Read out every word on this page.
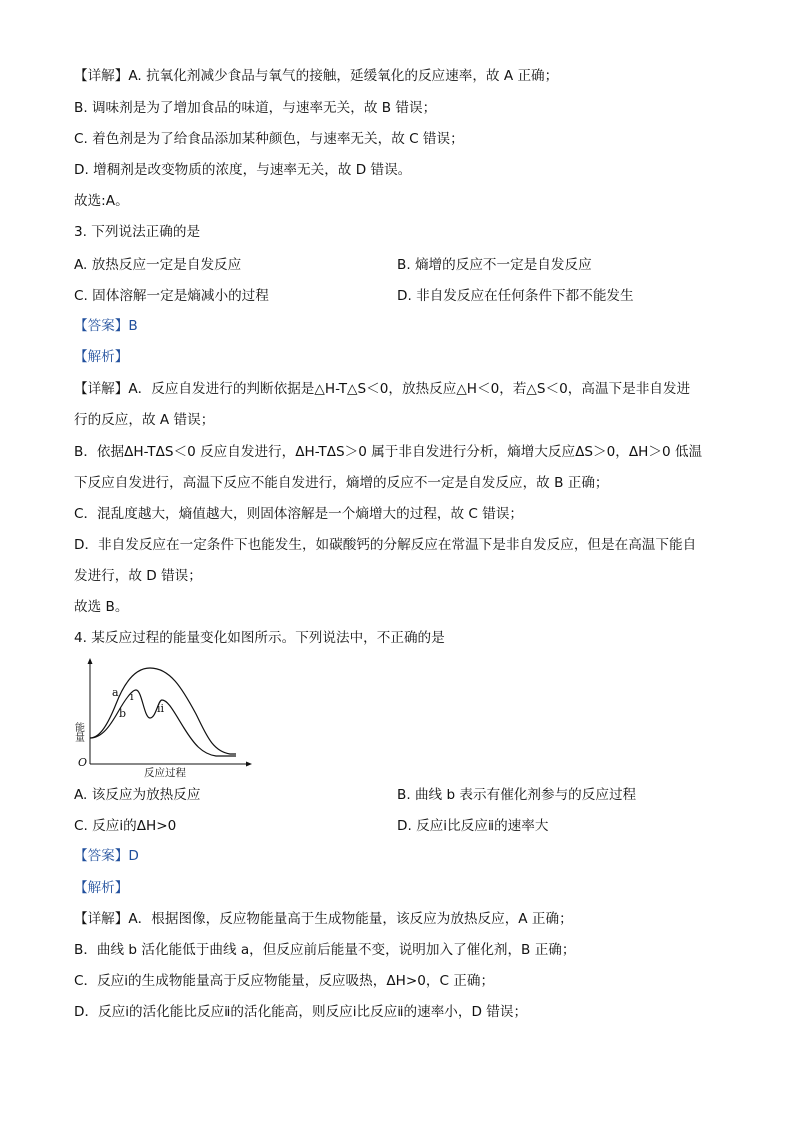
【详解】A. 抗氧化剂减少食品与氧气的接触，延缓氧化的反应速率，故 A 正确；
B. 调味剂是为了增加食品的味道，与速率无关，故 B 错误；
C. 着色剂是为了给食品添加某种颜色，与速率无关，故 C 错误；
D. 增稠剂是改变物质的浓度，与速率无关，故 D 错误。
故选:A。
3. 下列说法正确的是
A. 放热反应一定是自发反应	B. 熵增的反应不一定是自发反应
C. 固体溶解一定是熵减小的过程	D. 非自发反应在任何条件下都不能发生
【答案】B
【解析】
【详解】A．反应自发进行的判断依据是△H-T△S＜0，放热反应△H＜0，若△S＜0，高温下是非自发进
行的反应，故 A 错误；
B．依据ΔH-TΔS＜0 反应自发进行，ΔH-TΔS＞0 属于非自发进行分析，熵增大反应ΔS＞0，ΔH＞0 低温
下反应自发进行，高温下反应不能自发进行，熵增的反应不一定是自发反应，故 B 正确；
C．混乱度越大，熵值越大，则固体溶解是一个熵增大的过程，故 C 错误；
D．非自发反应在一定条件下也能发生，如碳酸钙的分解反应在常温下是非自发反应，但是在高温下能自
发进行，故 D 错误；
故选 B。
4. 某反应过程的能量变化如图所示。下列说法中，不正确的是
能量
O
a
b
i
ii
反应过程
A. 该反应为放热反应	B. 曲线 b 表示有催化剂参与的反应过程
C. 反应ⅰ的ΔH>0	D. 反应ⅰ比反应ⅱ的速率大
【答案】D
【解析】
【详解】A．根据图像，反应物能量高于生成物能量，该反应为放热反应，A 正确；
B．曲线 b 活化能低于曲线 a，但反应前后能量不变，说明加入了催化剂，B 正确；
C．反应ⅰ的生成物能量高于反应物能量，反应吸热，ΔH>0，C 正确；
D．反应ⅰ的活化能比反应ⅱ的活化能高，则反应ⅰ比反应ⅱ的速率小，D 错误；
